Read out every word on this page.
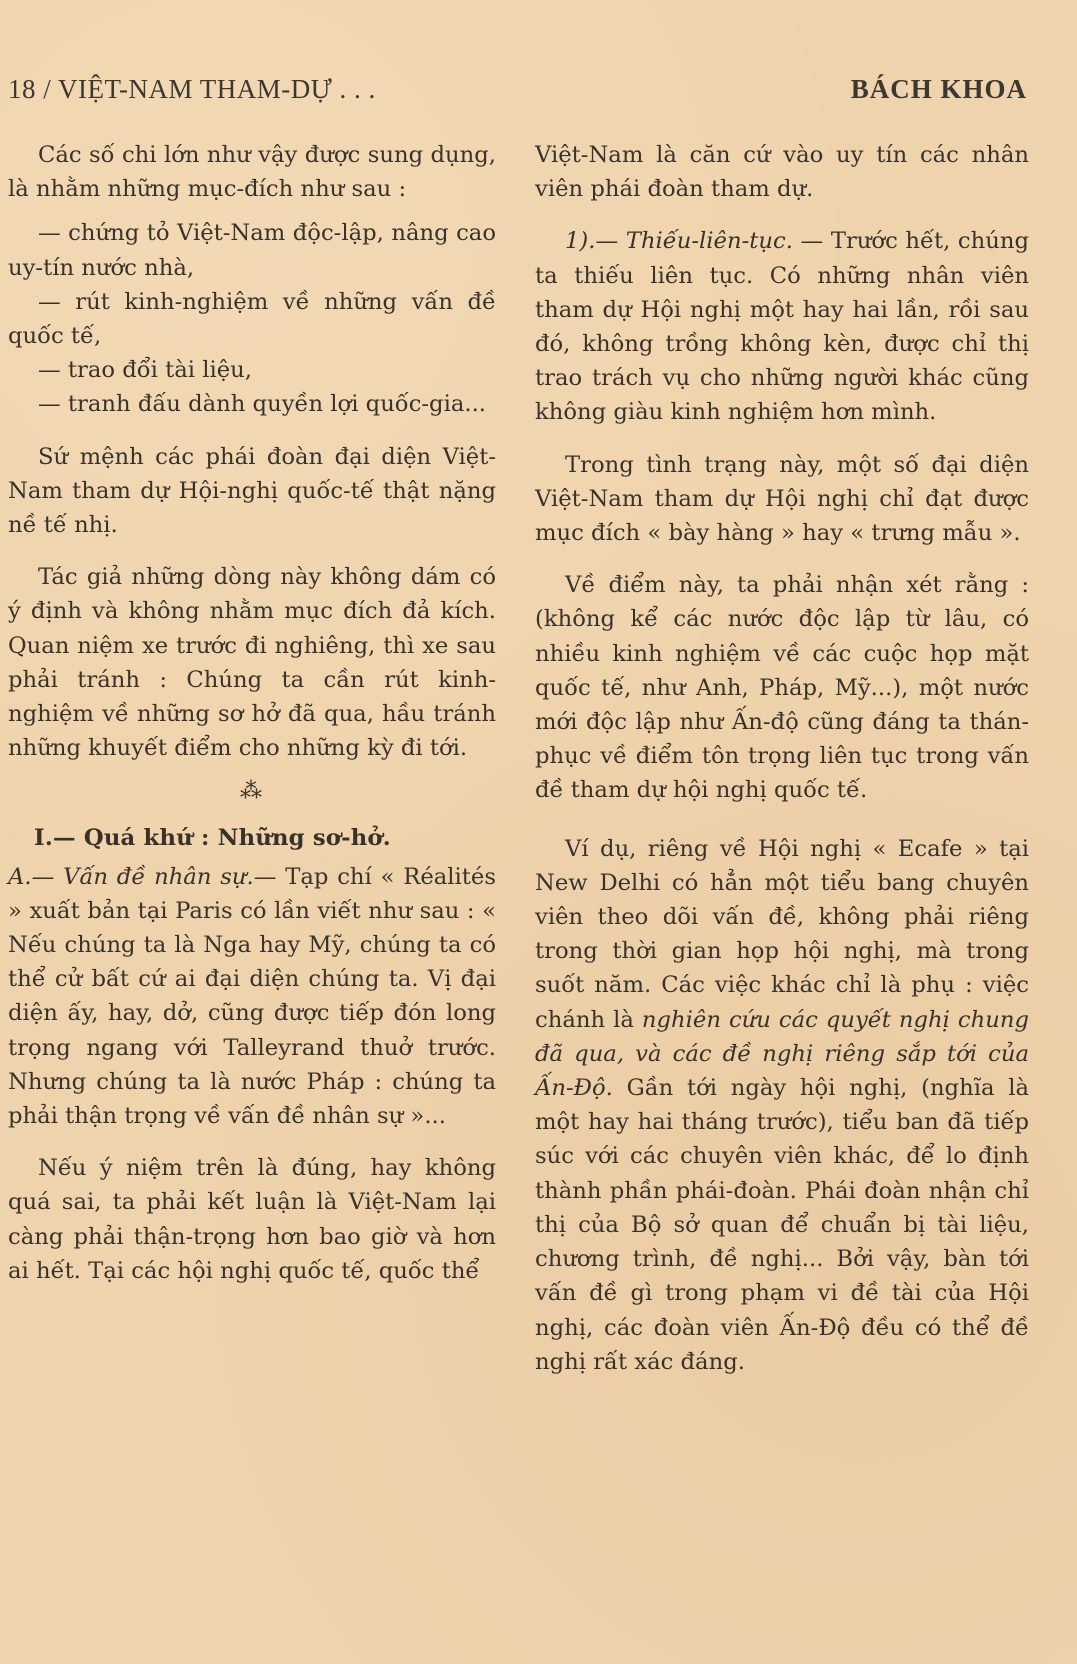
18 / VIỆT-NAM THAM-DỰ . . .	BÁCH KHOA

Các số chi lớn như vậy được sung dụng, là nhằm những mục-đích như sau :

— chứng tỏ Việt-Nam độc-lập, nâng cao uy-tín nước nhà,

— rút kinh-nghiệm về những vấn đề quốc tế,

— trao đổi tài liệu,

— tranh đấu dành quyền lợi quốc-gia...

Sứ mệnh các phái đoàn đại diện Việt-Nam tham dự Hội-nghị quốc-tế thật nặng nề tế nhị.

Tác giả những dòng này không dám có ý định và không nhằm mục đích đả kích. Quan niệm xe trước đi nghiêng, thì xe sau phải tránh : Chúng ta cần rút kinh-nghiệm về những sơ hở đã qua, hầu tránh những khuyết điểm cho những kỳ đi tới.

⁂

I.— Quá khứ : Những sơ-hở.

A.— Vấn đề nhân sự.— Tạp chí « Réalités » xuất bản tại Paris có lần viết như sau : « Nếu chúng ta là Nga hay Mỹ, chúng ta có thể cử bất cứ ai đại diện chúng ta. Vị đại diện ấy, hay, dở, cũng được tiếp đón long trọng ngang với Talleyrand thuở trước. Nhưng chúng ta là nước Pháp : chúng ta phải thận trọng về vấn đề nhân sự »...

Nếu ý niệm trên là đúng, hay không quá sai, ta phải kết luận là Việt-Nam lại càng phải thận-trọng hơn bao giờ và hơn ai hết. Tại các hội nghị quốc tế, quốc thể

Việt-Nam là căn cứ vào uy tín các nhân viên phái đoàn tham dự.

1).— Thiếu-liên-tục. — Trước hết, chúng ta thiếu liên tục. Có những nhân viên tham dự Hội nghị một hay hai lần, rồi sau đó, không trồng không kèn, được chỉ thị trao trách vụ cho những người khác cũng không giàu kinh nghiệm hơn mình.

Trong tình trạng này, một số đại diện Việt-Nam tham dự Hội nghị chỉ đạt được mục đích « bày hàng » hay « trưng mẫu ».

Về điểm này, ta phải nhận xét rằng : (không kể các nước độc lập từ lâu, có nhiều kinh nghiệm về các cuộc họp mặt quốc tế, như Anh, Pháp, Mỹ...), một nước mới độc lập như Ấn-độ cũng đáng ta thán-phục về điểm tôn trọng liên tục trong vấn đề tham dự hội nghị quốc tế.

Ví dụ, riêng về Hội nghị « Ecafe » tại New Delhi có hẳn một tiểu bang chuyên viên theo dõi vấn đề, không phải riêng trong thời gian họp hội nghị, mà trong suốt năm. Các việc khác chỉ là phụ : việc chánh là nghiên cứu các quyết nghị chung đã qua, và các đề nghị riêng sắp tới của Ấn-Độ. Gần tới ngày hội nghị, (nghĩa là một hay hai tháng trước), tiểu ban đã tiếp súc với các chuyên viên khác, để lo định thành phần phái-đoàn. Phái đoàn nhận chỉ thị của Bộ sở quan để chuẩn bị tài liệu, chương trình, đề nghị... Bởi vậy, bàn tới vấn đề gì trong phạm vi đề tài của Hội nghị, các đoàn viên Ấn-Độ đều có thể đề nghị rất xác đáng.
